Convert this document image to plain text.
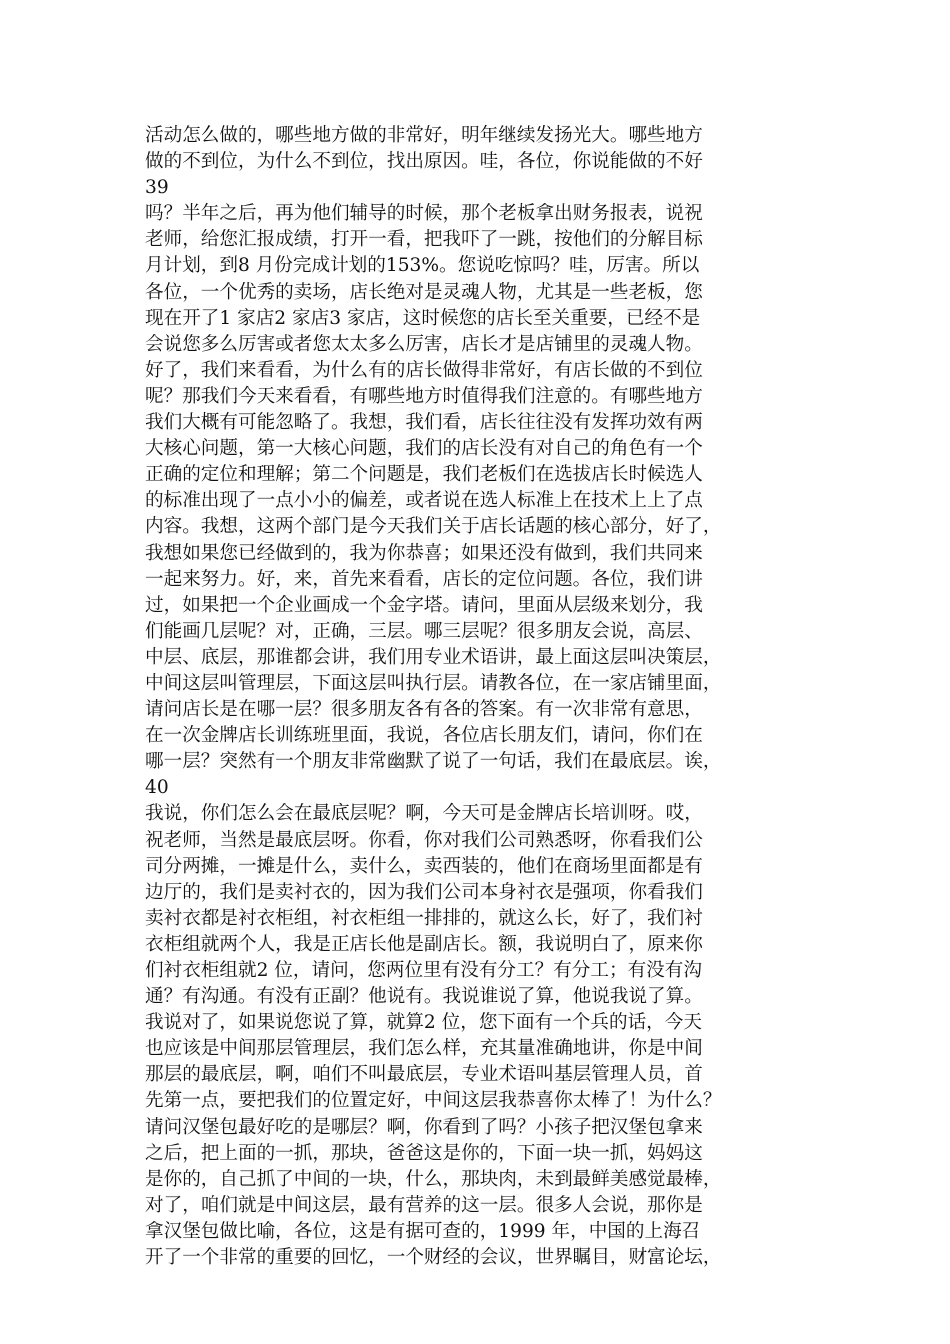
活动怎么做的，哪些地方做的非常好，明年继续发扬光大。哪些地方
做的不到位，为什么不到位，找出原因。哇，各位，你说能做的不好
39
吗？半年之后，再为他们辅导的时候，那个老板拿出财务报表，说祝
老师，给您汇报成绩，打开一看，把我吓了一跳，按他们的分解目标
月计划，到8 月份完成计划的153%。您说吃惊吗？哇，厉害。所以
各位，一个优秀的卖场，店长绝对是灵魂人物，尤其是一些老板，您
现在开了1 家店2 家店3 家店，这时候您的店长至关重要，已经不是
会说您多么厉害或者您太太多么厉害，店长才是店铺里的灵魂人物。
好了，我们来看看，为什么有的店长做得非常好，有店长做的不到位
呢？那我们今天来看看，有哪些地方时值得我们注意的。有哪些地方
我们大概有可能忽略了。我想，我们看，店长往往没有发挥功效有两
大核心问题，第一大核心问题，我们的店长没有对自己的角色有一个
正确的定位和理解；第二个问题是，我们老板们在选拔店长时候选人
的标准出现了一点小小的偏差，或者说在选人标准上在技术上上了点
内容。我想，这两个部门是今天我们关于店长话题的核心部分，好了，
我想如果您已经做到的，我为你恭喜；如果还没有做到，我们共同来
一起来努力。好，来，首先来看看，店长的定位问题。各位，我们讲
过，如果把一个企业画成一个金字塔。请问，里面从层级来划分，我
们能画几层呢？对，正确，三层。哪三层呢？很多朋友会说，高层、
中层、底层，那谁都会讲，我们用专业术语讲，最上面这层叫决策层，
中间这层叫管理层，下面这层叫执行层。请教各位，在一家店铺里面，
请问店长是在哪一层？很多朋友各有各的答案。有一次非常有意思，
在一次金牌店长训练班里面，我说，各位店长朋友们，请问，你们在
哪一层？突然有一个朋友非常幽默了说了一句话，我们在最底层。诶，
40
我说，你们怎么会在最底层呢？啊，今天可是金牌店长培训呀。哎，
祝老师，当然是最底层呀。你看，你对我们公司熟悉呀，你看我们公
司分两摊，一摊是什么，卖什么，卖西装的，他们在商场里面都是有
边厅的，我们是卖衬衣的，因为我们公司本身衬衣是强项，你看我们
卖衬衣都是衬衣柜组，衬衣柜组一排排的，就这么长，好了，我们衬
衣柜组就两个人，我是正店长他是副店长。额，我说明白了，原来你
们衬衣柜组就2 位，请问，您两位里有没有分工？有分工；有没有沟
通？有沟通。有没有正副？他说有。我说谁说了算，他说我说了算。
我说对了，如果说您说了算，就算2 位，您下面有一个兵的话，今天
也应该是中间那层管理层，我们怎么样，充其量准确地讲，你是中间
那层的最底层，啊，咱们不叫最底层，专业术语叫基层管理人员，首
先第一点，要把我们的位置定好，中间这层我恭喜你太棒了！为什么？
请问汉堡包最好吃的是哪层？啊，你看到了吗？小孩子把汉堡包拿来
之后，把上面的一抓，那块，爸爸这是你的，下面一块一抓，妈妈这
是你的，自己抓了中间的一块，什么，那块肉，未到最鲜美感觉最棒，
对了，咱们就是中间这层，最有营养的这一层。很多人会说，那你是
拿汉堡包做比喻，各位，这是有据可查的，1999 年，中国的上海召
开了一个非常的重要的回忆，一个财经的会议，世界瞩目，财富论坛，
